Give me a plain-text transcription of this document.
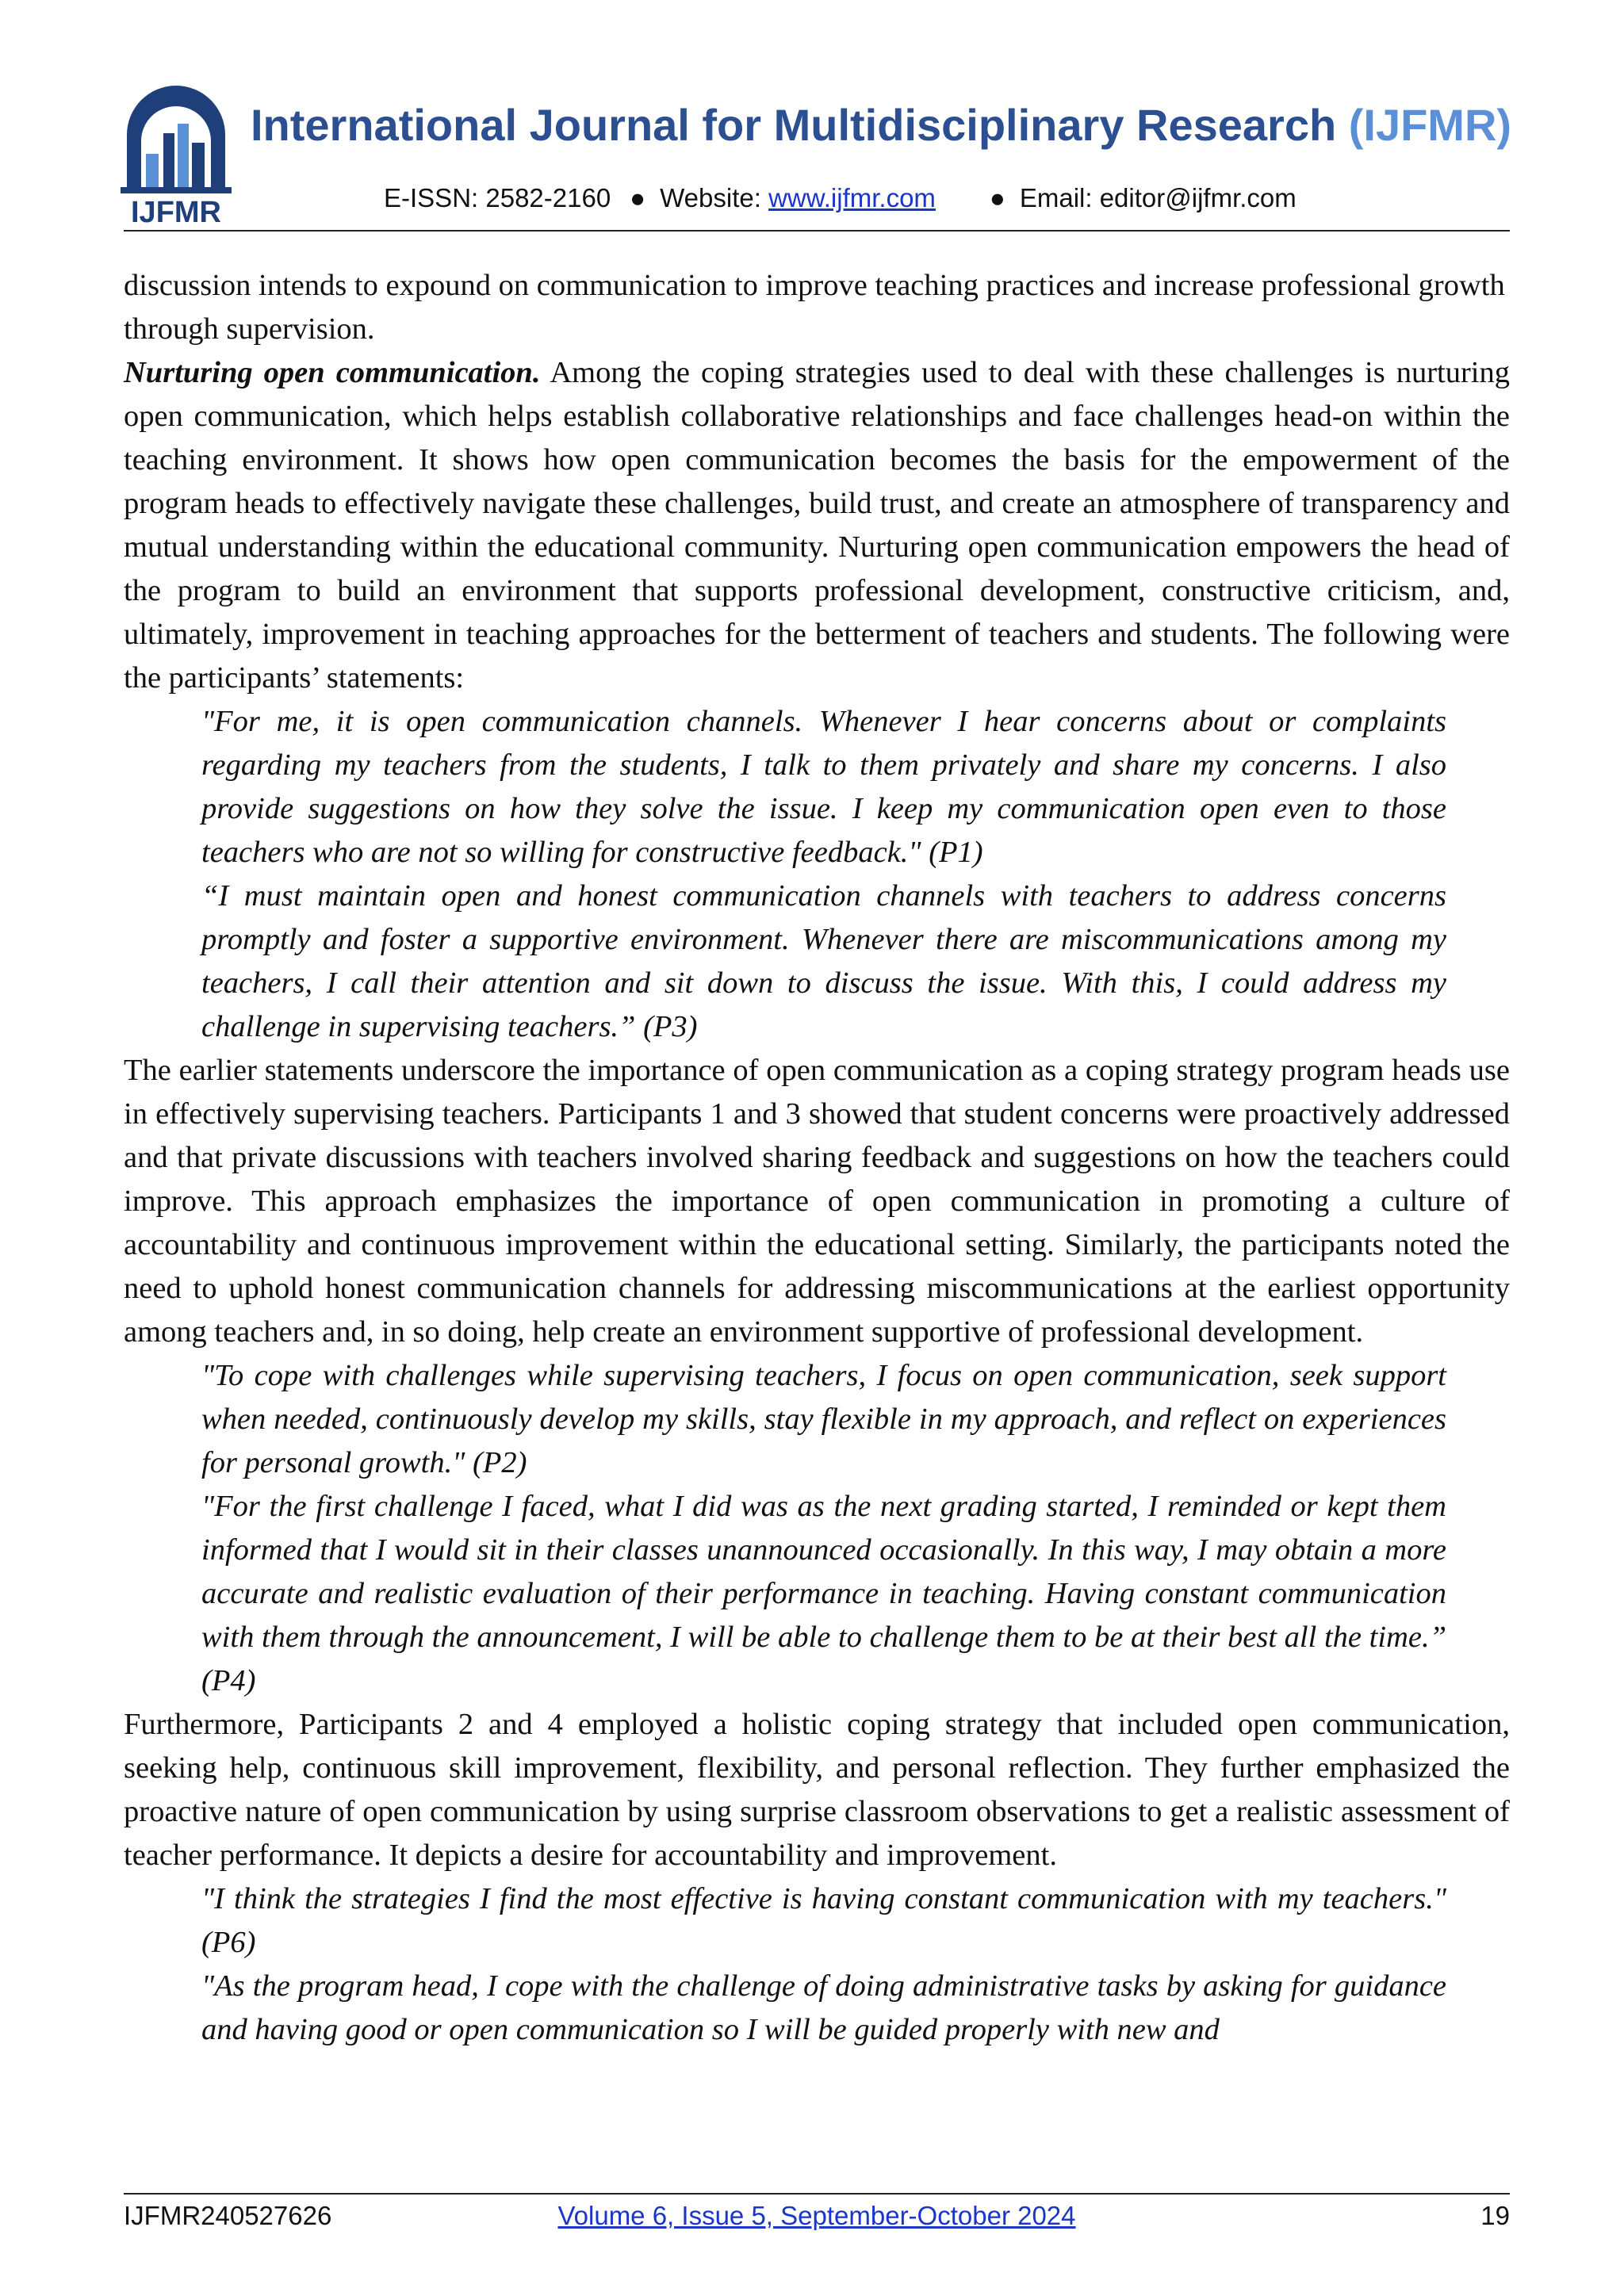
IJFMR
International Journal for Multidisciplinary Research (IJFMR)
E-ISSN: 2582-2160 ● Website: www.ijfmr.com ● Email: editor@ijfmr.com

discussion intends to expound on communication to improve teaching practices and increase professional growth through supervision.

Nurturing open communication. Among the coping strategies used to deal with these challenges is nurturing open communication, which helps establish collaborative relationships and face challenges head-on within the teaching environment. It shows how open communication becomes the basis for the empowerment of the program heads to effectively navigate these challenges, build trust, and create an atmosphere of transparency and mutual understanding within the educational community. Nurturing open communication empowers the head of the program to build an environment that supports professional development, constructive criticism, and, ultimately, improvement in teaching approaches for the betterment of teachers and students. The following were the participants’ statements:

"For me, it is open communication channels. Whenever I hear concerns about or complaints regarding my teachers from the students, I talk to them privately and share my concerns. I also provide suggestions on how they solve the issue. I keep my communication open even to those teachers who are not so willing for constructive feedback." (P1)

“I must maintain open and honest communication channels with teachers to address concerns promptly and foster a supportive environment. Whenever there are miscommunications among my teachers, I call their attention and sit down to discuss the issue. With this, I could address my challenge in supervising teachers.” (P3)

The earlier statements underscore the importance of open communication as a coping strategy program heads use in effectively supervising teachers. Participants 1 and 3 showed that student concerns were proactively addressed and that private discussions with teachers involved sharing feedback and suggestions on how the teachers could improve. This approach emphasizes the importance of open communication in promoting a culture of accountability and continuous improvement within the educational setting. Similarly, the participants noted the need to uphold honest communication channels for addressing miscommunications at the earliest opportunity among teachers and, in so doing, help create an environment supportive of professional development.

"To cope with challenges while supervising teachers, I focus on open communication, seek support when needed, continuously develop my skills, stay flexible in my approach, and reflect on experiences for personal growth." (P2)

"For the first challenge I faced, what I did was as the next grading started, I reminded or kept them informed that I would sit in their classes unannounced occasionally. In this way, I may obtain a more accurate and realistic evaluation of their performance in teaching. Having constant communication with them through the announcement, I will be able to challenge them to be at their best all the time.” (P4)

Furthermore, Participants 2 and 4 employed a holistic coping strategy that included open communication, seeking help, continuous skill improvement, flexibility, and personal reflection. They further emphasized the proactive nature of open communication by using surprise classroom observations to get a realistic assessment of teacher performance. It depicts a desire for accountability and improvement.

"I think the strategies I find the most effective is having constant communication with my teachers." (P6)

"As the program head, I cope with the challenge of doing administrative tasks by asking for guidance and having good or open communication so I will be guided properly with new and

IJFMR240527626	Volume 6, Issue 5, September-October 2024	19
